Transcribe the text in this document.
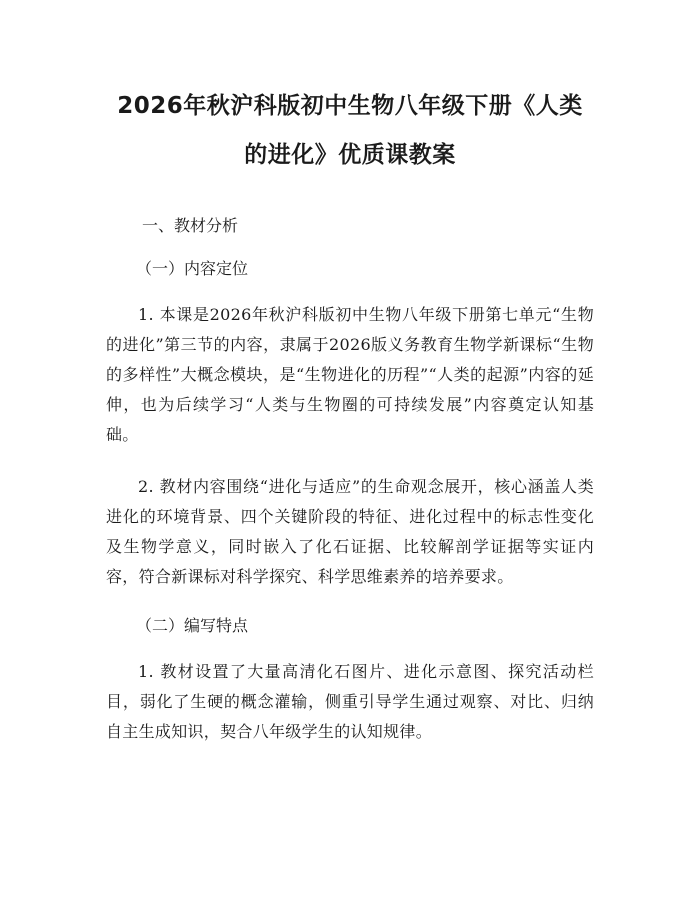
2026年秋沪科版初中生物八年级下册《人类的进化》优质课教案

一、教材分析

（一）内容定位

1. 本课是2026年秋沪科版初中生物八年级下册第七单元“生物的进化”第三节的内容，隶属于2026版义务教育生物学新课标“生物的多样性”大概念模块，是“生物进化的历程”“人类的起源”内容的延伸，也为后续学习“人类与生物圈的可持续发展”内容奠定认知基础。

2. 教材内容围绕“进化与适应”的生命观念展开，核心涵盖人类进化的环境背景、四个关键阶段的特征、进化过程中的标志性变化及生物学意义，同时嵌入了化石证据、比较解剖学证据等实证内容，符合新课标对科学探究、科学思维素养的培养要求。

（二）编写特点

1. 教材设置了大量高清化石图片、进化示意图、探究活动栏目，弱化了生硬的概念灌输，侧重引导学生通过观察、对比、归纳自主生成知识，契合八年级学生的认知规律。
